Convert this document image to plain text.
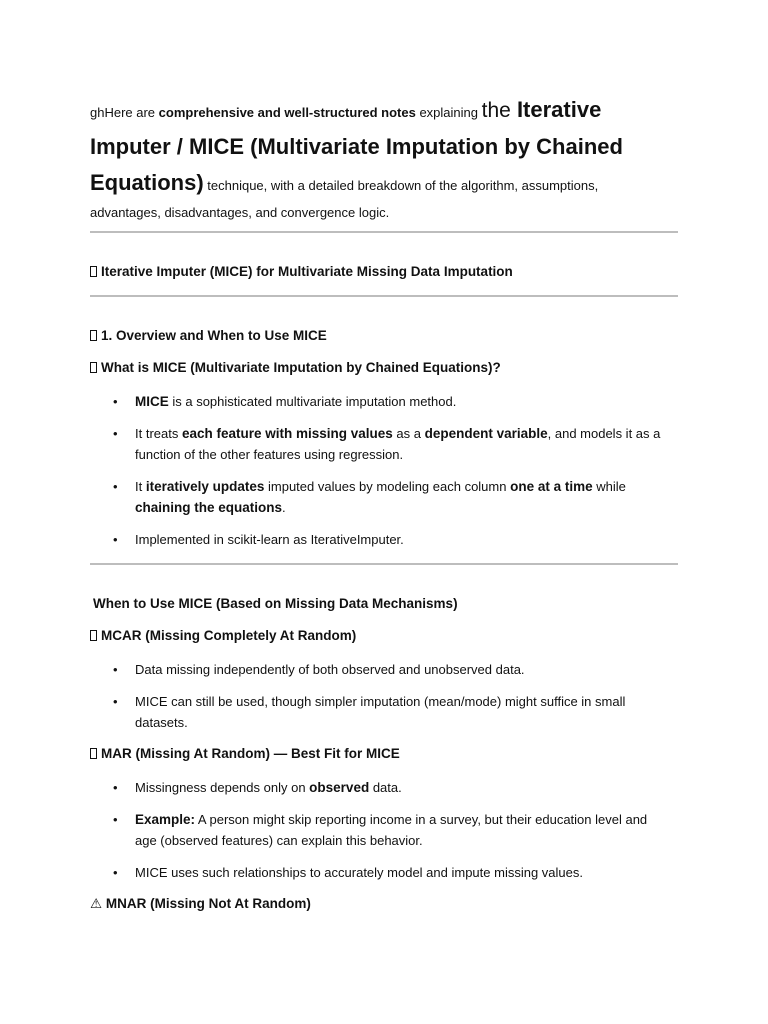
ghHere are comprehensive and well-structured notes explaining the Iterative
Imputer / MICE (Multivariate Imputation by Chained
Equations) technique, with a detailed breakdown of the algorithm, assumptions,
advantages, disadvantages, and convergence logic.
Iterative Imputer (MICE) for Multivariate Missing Data Imputation
1. Overview and When to Use MICE
What is MICE (Multivariate Imputation by Chained Equations)?
• MICE is a sophisticated multivariate imputation method.
• It treats each feature with missing values as a dependent variable, and models it as a
function of the other features using regression.
• It iteratively updates imputed values by modeling each column one at a time while
chaining the equations.
• Implemented in scikit-learn as IterativeImputer.
When to Use MICE (Based on Missing Data Mechanisms)
MCAR (Missing Completely At Random)
• Data missing independently of both observed and unobserved data.
• MICE can still be used, though simpler imputation (mean/mode) might suffice in small
datasets.
MAR (Missing At Random) — Best Fit for MICE
• Missingness depends only on observed data.
• Example: A person might skip reporting income in a survey, but their education level and
age (observed features) can explain this behavior.
• MICE uses such relationships to accurately model and impute missing values.
⚠ MNAR (Missing Not At Random)
